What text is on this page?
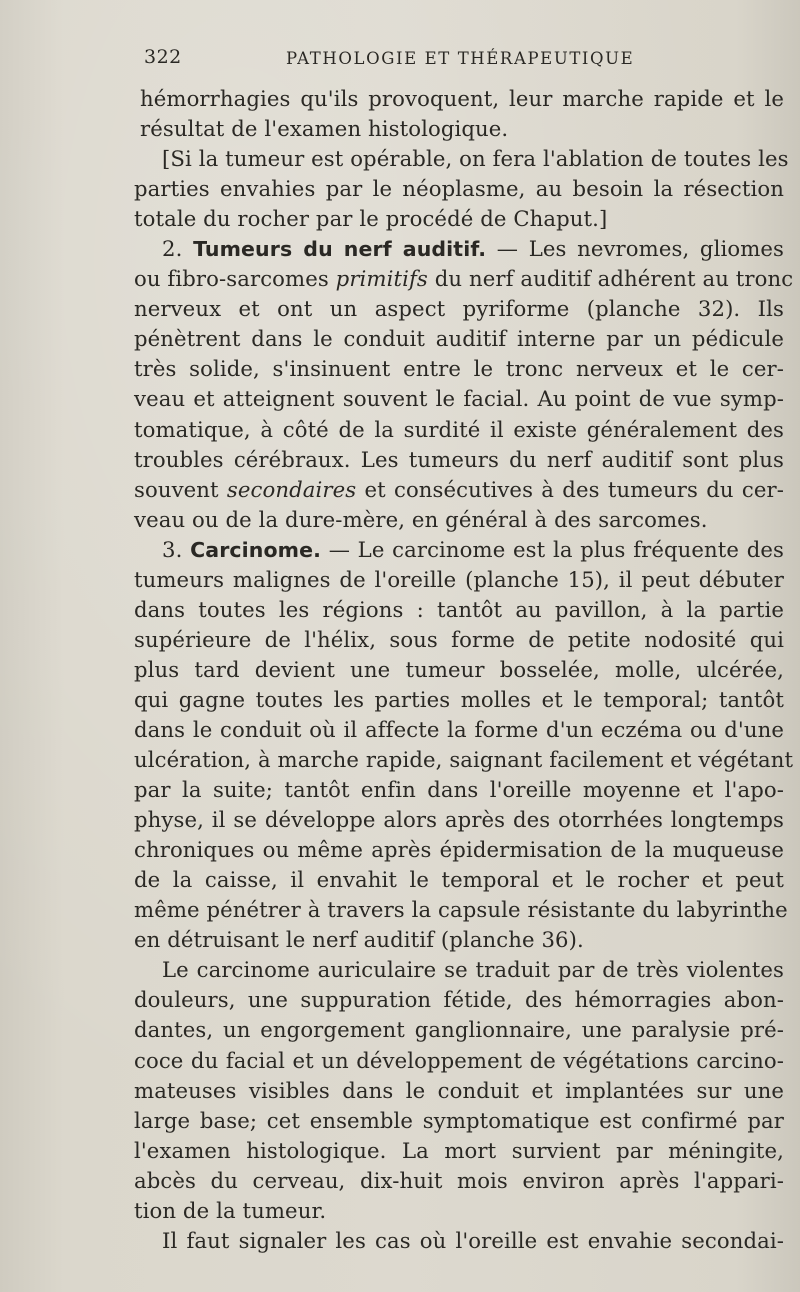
322	PATHOLOGIE ET THÉRAPEUTIQUE
hémorrhagies qu'ils provoquent, leur marche rapide et le
résultat de l'examen histologique.
[Si la tumeur est opérable, on fera l'ablation de toutes les
parties envahies par le néoplasme, au besoin la résection
totale du rocher par le procédé de Chaput.]
2. Tumeurs du nerf auditif. — Les nevromes, gliomes
ou fibro-sarcomes primitifs du nerf auditif adhérent au tronc
nerveux et ont un aspect pyriforme (planche 32). Ils
pénètrent dans le conduit auditif interne par un pédicule
très solide, s'insinuent entre le tronc nerveux et le cer-
veau et atteignent souvent le facial. Au point de vue symp-
tomatique, à côté de la surdité il existe généralement des
troubles cérébraux. Les tumeurs du nerf auditif sont plus
souvent secondaires et consécutives à des tumeurs du cer-
veau ou de la dure-mère, en général à des sarcomes.
3. Carcinome. — Le carcinome est la plus fréquente des
tumeurs malignes de l'oreille (planche 15), il peut débuter
dans toutes les régions : tantôt au pavillon, à la partie
supérieure de l'hélix, sous forme de petite nodosité qui
plus tard devient une tumeur bosselée, molle, ulcérée,
qui gagne toutes les parties molles et le temporal; tantôt
dans le conduit où il affecte la forme d'un eczéma ou d'une
ulcération, à marche rapide, saignant facilement et végétant
par la suite; tantôt enfin dans l'oreille moyenne et l'apo-
physe, il se développe alors après des otorrhées longtemps
chroniques ou même après épidermisation de la muqueuse
de la caisse, il envahit le temporal et le rocher et peut
même pénétrer à travers la capsule résistante du labyrinthe
en détruisant le nerf auditif (planche 36).
Le carcinome auriculaire se traduit par de très violentes
douleurs, une suppuration fétide, des hémorragies abon-
dantes, un engorgement ganglionnaire, une paralysie pré-
coce du facial et un développement de végétations carcino-
mateuses visibles dans le conduit et implantées sur une
large base; cet ensemble symptomatique est confirmé par
l'examen histologique. La mort survient par méningite,
abcès du cerveau, dix-huit mois environ après l'appari-
tion de la tumeur.
Il faut signaler les cas où l'oreille est envahie secondai-
